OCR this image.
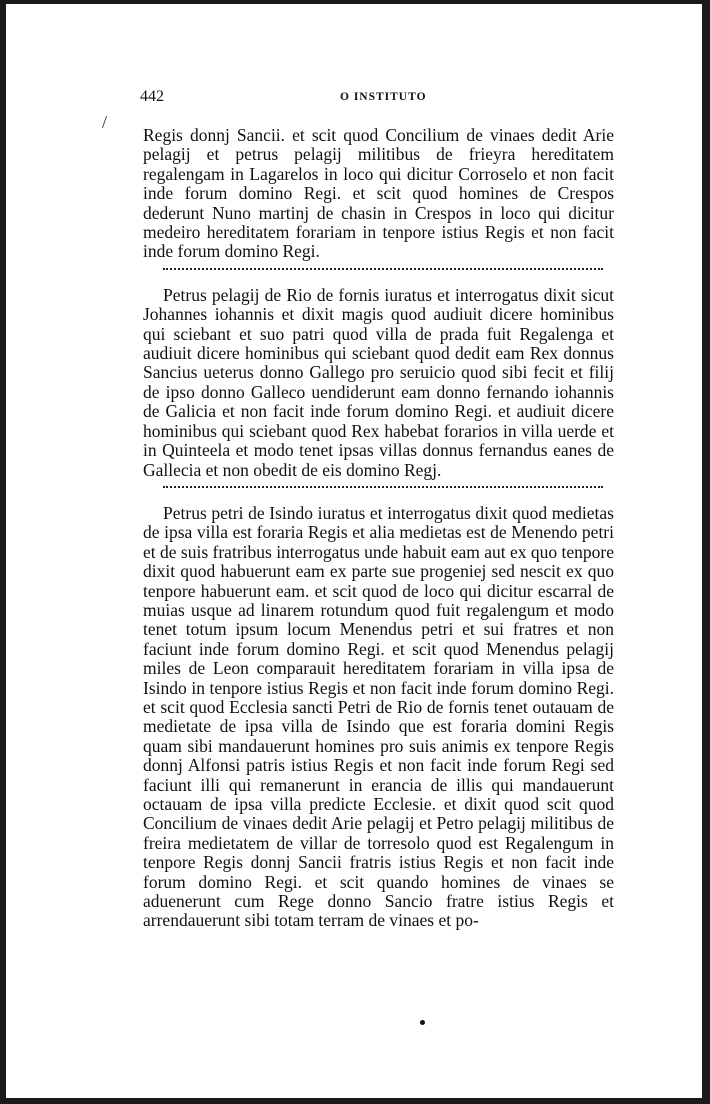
442	O INSTITUTO
/

Regis donnj Sancii. et scit quod Concilium de vinaes dedit Arie pelagij et petrus pelagij militibus de frieyra hereditatem regalengam in Lagarelos in loco qui dicitur Corroselo et non facit inde forum domino Regi. et scit quod homines de Crespos dederunt Nuno martinj de chasin in Crespos in loco qui dicitur medeiro hereditatem forariam in tenpore istius Regis et non facit inde forum domino Regi.

Petrus pelagij de Rio de fornis iuratus et interrogatus dixit sicut Johannes iohannis et dixit magis quod audiuit dicere hominibus qui sciebant et suo patri quod villa de prada fuit Regalenga et audiuit dicere hominibus qui sciebant quod dedit eam Rex donnus Sancius ueterus donno Gallego pro seruicio quod sibi fecit et filij de ipso donno Galleco uendiderunt eam donno fernando iohannis de Galicia et non facit inde forum domino Regi. et audiuit dicere hominibus qui sciebant quod Rex habebat forarios in villa uerde et in Quinteela et modo tenet ipsas villas donnus fernandus eanes de Gallecia et non obedit de eis domino Regj.

Petrus petri de Isindo iuratus et interrogatus dixit quod medietas de ipsa villa est foraria Regis et alia medietas est de Menendo petri et de suis fratribus interrogatus unde habuit eam aut ex quo tenpore dixit quod habuerunt eam ex parte sue progeniej sed nescit ex quo tenpore habuerunt eam. et scit quod de loco qui dicitur escarral de muias usque ad linarem rotundum quod fuit regalengum et modo tenet totum ipsum locum Menendus petri et sui fratres et non faciunt inde forum domino Regi. et scit quod Menendus pelagij miles de Leon comparauit hereditatem forariam in villa ipsa de Isindo in tenpore istius Regis et non facit inde forum domino Regi. et scit quod Ecclesia sancti Petri de Rio de fornis tenet outauam de medietate de ipsa villa de Isindo que est foraria domini Regis quam sibi mandauerunt homines pro suis animis ex tenpore Regis donnj Alfonsi patris istius Regis et non facit inde forum Regi sed faciunt illi qui remanerunt in erancia de illis qui mandauerunt octauam de ipsa villa predicte Ecclesie. et dixit quod scit quod Concilium de vinaes dedit Arie pelagij et Petro pelagij militibus de freira medietatem de villar de torresolo quod est Regalengum in tenpore Regis donnj Sancii fratris istius Regis et non facit inde forum domino Regi. et scit quando homines de vinaes se aduenerunt cum Rege donno Sancio fratre istius Regis et arrendauerunt sibi totam terram de vinaes et po-
